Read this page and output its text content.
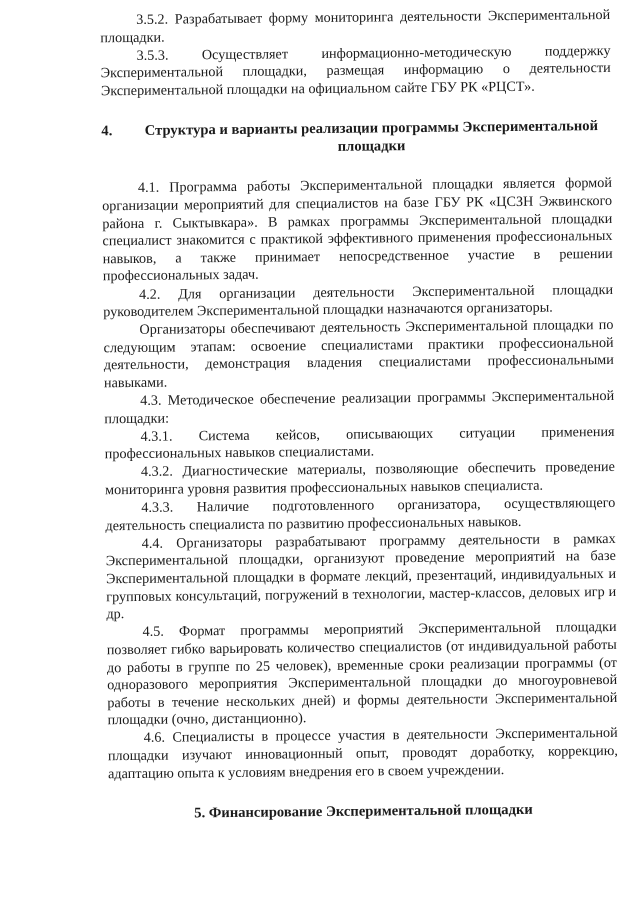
3.5.2. Разрабатывает форму мониторинга деятельности Экспериментальной площадки.

3.5.3. Осуществляет информационно-методическую поддержку Экспериментальной площадки, размещая информацию о деятельности Экспериментальной площадки на официальном сайте ГБУ РК «РЦСТ».

4.	Структура и варианты реализации программы Экспериментальной площадки

4.1. Программа работы Экспериментальной площадки является формой организации мероприятий для специалистов на базе ГБУ РК «ЦСЗН Эжвинского района г. Сыктывкара». В рамках программы Экспериментальной площадки специалист знакомится с практикой эффективного применения профессиональных навыков, а также принимает непосредственное участие в решении профессиональных задач.

4.2. Для организации деятельности Экспериментальной площадки руководителем Экспериментальной площадки назначаются организаторы.

Организаторы обеспечивают деятельность Экспериментальной площадки по следующим этапам: освоение специалистами практики профессиональной деятельности, демонстрация владения специалистами профессиональными навыками.

4.3. Методическое обеспечение реализации программы Экспериментальной площадки:

4.3.1. Система кейсов, описывающих ситуации применения профессиональных навыков специалистами.

4.3.2. Диагностические материалы, позволяющие обеспечить проведение мониторинга уровня развития профессиональных навыков специалиста.

4.3.3. Наличие подготовленного организатора, осуществляющего деятельность специалиста по развитию профессиональных навыков.

4.4. Организаторы разрабатывают программу деятельности в рамках Экспериментальной площадки, организуют проведение мероприятий на базе Экспериментальной площадки в формате лекций, презентаций, индивидуальных и групповых консультаций, погружений в технологии, мастер-классов, деловых игр и др.

4.5. Формат программы мероприятий Экспериментальной площадки позволяет гибко варьировать количество специалистов (от индивидуальной работы до работы в группе по 25 человек), временные сроки реализации программы (от одноразового мероприятия Экспериментальной площадки до многоуровневой работы в течение нескольких дней) и формы деятельности Экспериментальной площадки (очно, дистанционно).

4.6. Специалисты в процессе участия в деятельности Экспериментальной площадки изучают инновационный опыт, проводят доработку, коррекцию, адаптацию опыта к условиям внедрения его в своем учреждении.

5. Финансирование Экспериментальной площадки
